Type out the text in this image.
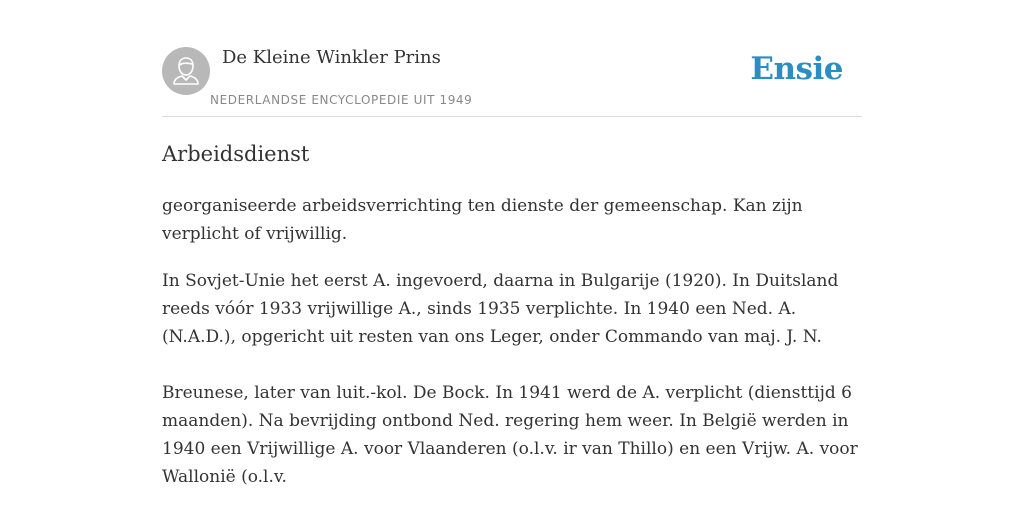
De Kleine Winkler Prins
NEDERLANDSE ENCYCLOPEDIE UIT 1949
Ensie
Arbeidsdienst

georganiseerde arbeidsverrichting ten dienste der gemeenschap. Kan zijn verplicht of vrijwillig.

In Sovjet-Unie het eerst A. ingevoerd, daarna in Bulgarije (1920). In Duitsland reeds vóór 1933 vrijwillige A., sinds 1935 verplichte. In 1940 een Ned. A. (N.A.D.), opgericht uit resten van ons Leger, onder Commando van maj. J. N.

Breunese, later van luit.-kol. De Bock. In 1941 werd de A. verplicht (diensttijd 6 maanden). Na bevrijding ontbond Ned. regering hem weer. In België werden in 1940 een Vrijwillige A. voor Vlaanderen (o.l.v. ir van Thillo) en een Vrijw. A. voor Wallonië (o.l.v.
